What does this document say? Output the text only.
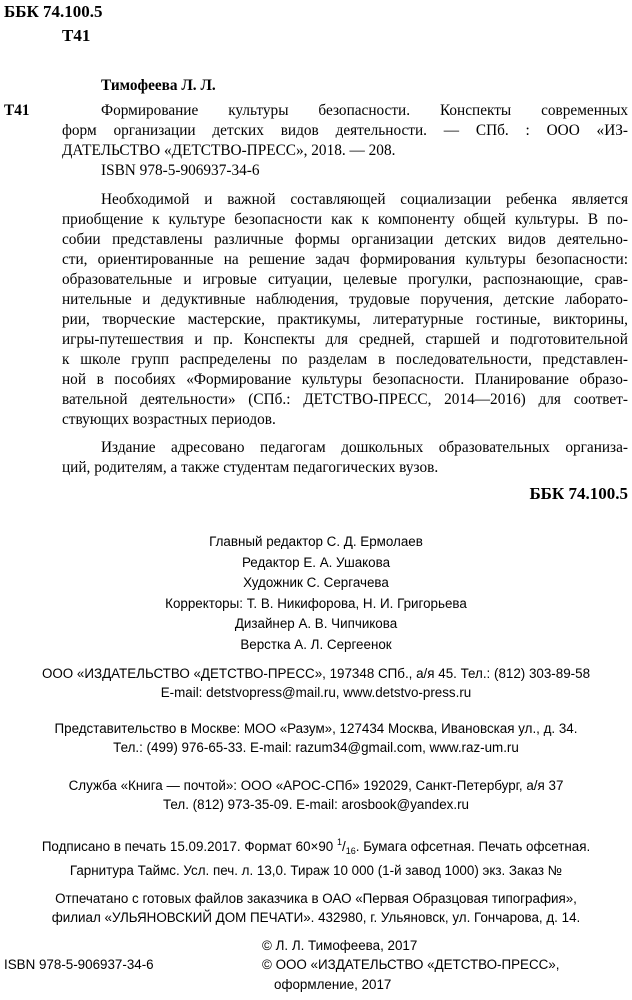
ББК 74.100.5
Т41
Тимофеева Л. Л.
Т41	Формирование культуры безопасности. Конспекты современных
форм организации детских видов деятельности. — СПб. : ООО «ИЗ-
ДАТЕЛЬСТВО «ДЕТСТВО-ПРЕСС», 2018. — 208.
ISBN 978-5-906937-34-6
Необходимой и важной составляющей социализации ребенка является
приобщение к культуре безопасности как к компоненту общей культуры. В по-
собии представлены различные формы организации детских видов деятельно-
сти, ориентированные на решение задач формирования культуры безопасности:
образовательные и игровые ситуации, целевые прогулки, распознающие, срав-
нительные и дедуктивные наблюдения, трудовые поручения, детские лаборато-
рии, творческие мастерские, практикумы, литературные гостиные, викторины,
игры-путешествия и пр. Конспекты для средней, старшей и подготовительной
к школе групп распределены по разделам в последовательности, представлен-
ной в пособиях «Формирование культуры безопасности. Планирование образо-
вательной деятельности» (СПб.: ДЕТСТВО-ПРЕСС, 2014—2016) для соответ-
ствующих возрастных периодов.
Издание адресовано педагогам дошкольных образовательных организа-
ций, родителям, а также студентам педагогических вузов.
ББК 74.100.5
Главный редактор С. Д. Ермолаев
Редактор Е. А. Ушакова
Художник С. Сергачева
Корректоры: Т. В. Никифорова, Н. И. Григорьева
Дизайнер А. В. Чипчикова
Верстка А. Л. Сергеенок
ООО «ИЗДАТЕЛЬСТВО «ДЕТСТВО-ПРЕСС», 197348 СПб., а/я 45. Тел.: (812) 303-89-58
E-mail: detstvopress@mail.ru, www.detstvo-press.ru
Представительство в Москве: МОО «Разум», 127434 Москва, Ивановская ул., д. 34.
Тел.: (499) 976-65-33. E-mail: razum34@gmail.com, www.raz-um.ru
Служба «Книга — почтой»: ООО «АРОС-СПб» 192029, Санкт-Петербург, а/я 37
Тел. (812) 973-35-09. E-mail: arosbook@yandex.ru
Подписано в печать 15.09.2017. Формат 60×90 $^1/_{16}$. Бумага офсетная. Печать офсетная.
Гарнитура Таймс. Усл. печ. л. 13,0. Тираж 10 000 (1-й завод 1000) экз. Заказ №
Отпечатано с готовых файлов заказчика в ОАО «Первая Образцовая типография»,
филиал «УЛЬЯНОВСКИЙ ДОМ ПЕЧАТИ». 432980, г. Ульяновск, ул. Гончарова, д. 14.
© Л. Л. Тимофеева, 2017
© ООО «ИЗДАТЕЛЬСТВО «ДЕТСТВО-ПРЕСС»,
оформление, 2017
ISBN 978-5-906937-34-6
